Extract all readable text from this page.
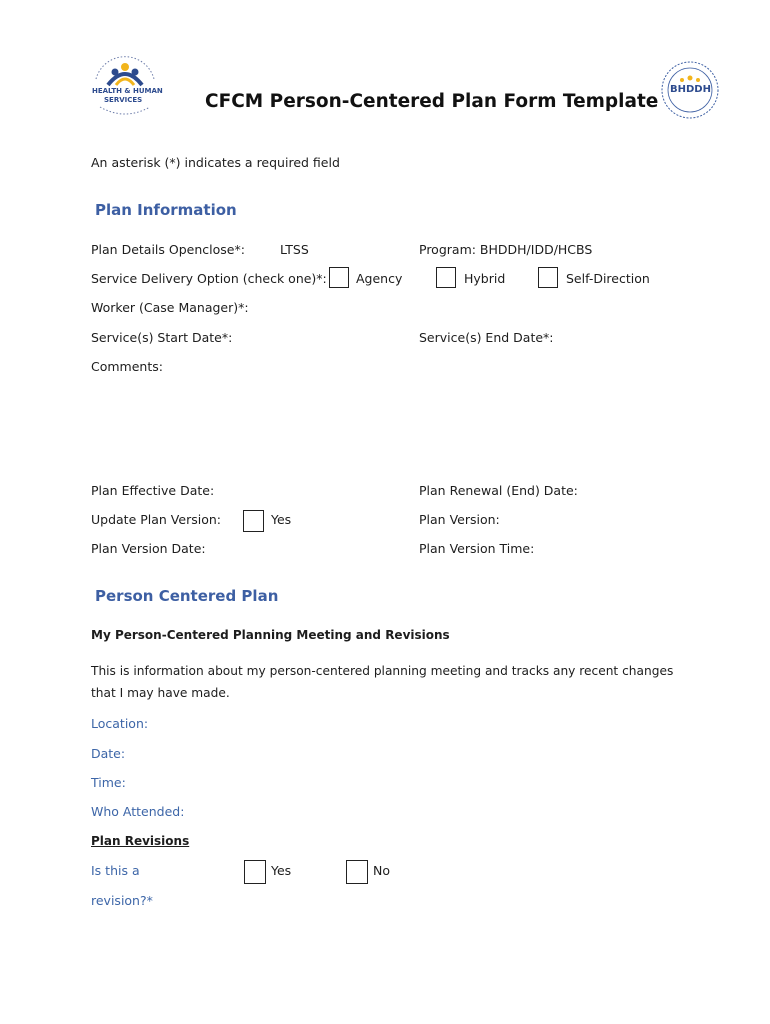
HEALTH & HUMAN
SERVICES
BHDDH
CFCM Person-Centered Plan Form Template
An asterisk (*) indicates a required field
Plan Information
Plan Details Openclose*:	LTSS	Program: BHDDH/IDD/HCBS
Service Delivery Option (check one)*: Agency	Hybrid	Self-Direction
Worker (Case Manager)*:
Service(s) Start Date*:	Service(s) End Date*:
Comments:
Plan Effective Date:	Plan Renewal (End) Date:
Update Plan Version:	Yes	Plan Version:
Plan Version Date:	Plan Version Time:
Person Centered Plan
My Person-Centered Planning Meeting and Revisions
This is information about my person-centered planning meeting and tracks any recent changes
that I may have made.
Location:
Date:
Time:
Who Attended:
Plan Revisions
Is this a
revision?*
Yes	No
